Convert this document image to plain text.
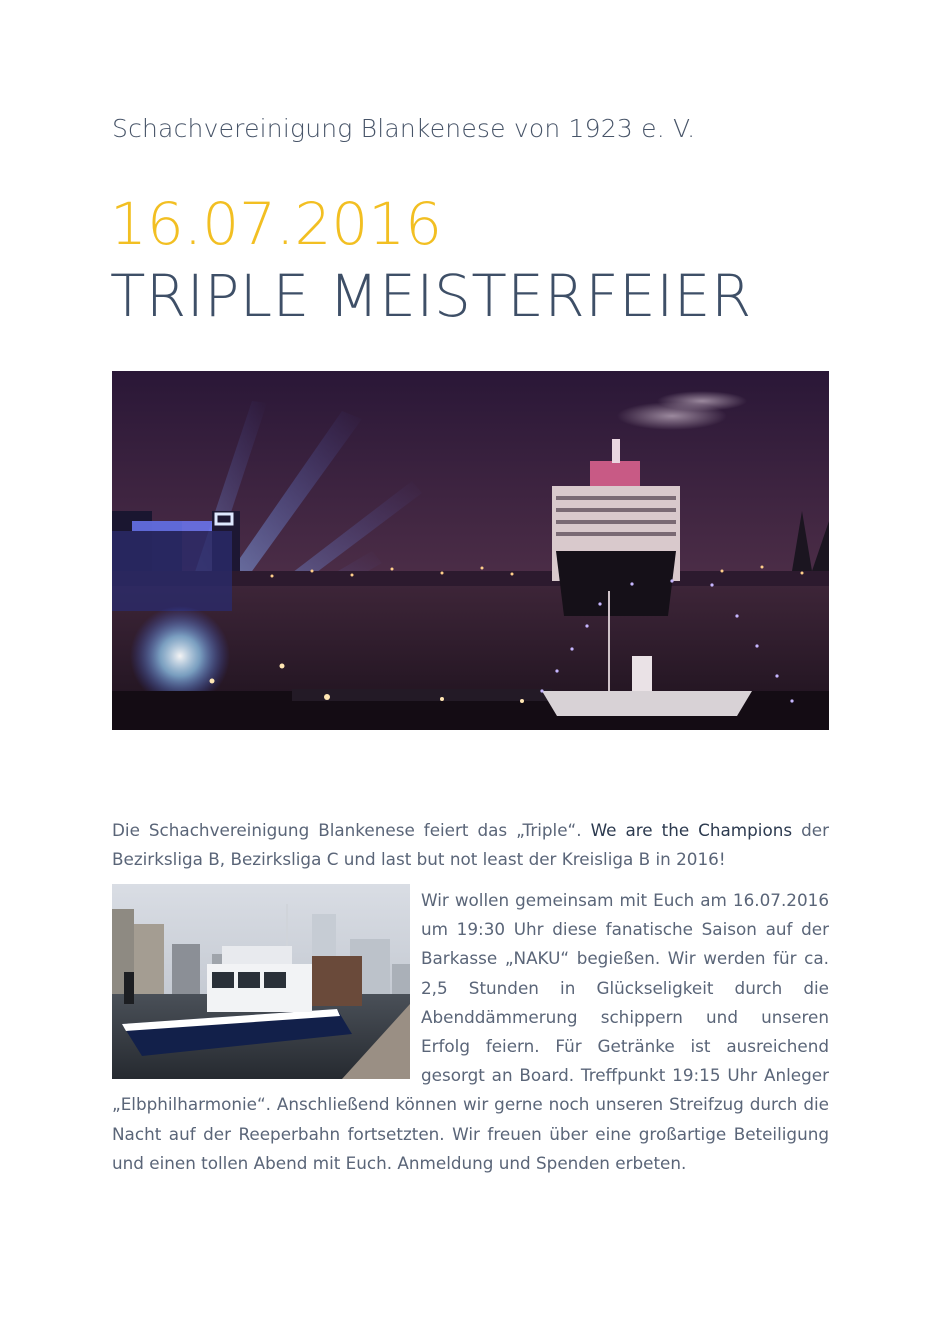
Schachvereinigung Blankenese von 1923 e. V.
16.07.2016
TRIPLE MEISTERFEIER
Die Schachvereinigung Blankenese feiert das „Triple“. We are the Champions der Bezirksliga B, Bezirksliga C und last but not least der Kreisliga B in 2016!

Wir wollen gemeinsam mit Euch am 16.07.2016 um 19:30 Uhr diese fanatische Saison auf der Barkasse „NAKU“ begießen. Wir werden für ca. 2,5 Stunden in Glückseligkeit durch die Abenddämmerung schippern und unseren Erfolg feiern. Für Getränke ist ausreichend gesorgt an Board. Treffpunkt 19:15 Uhr Anleger „Elbphilharmonie“. Anschließend können wir gerne noch unseren Streifzug durch die Nacht auf der Reeperbahn fortsetzten. Wir freuen über eine großartige Beteiligung und einen tollen Abend mit Euch. Anmeldung und Spenden erbeten.
